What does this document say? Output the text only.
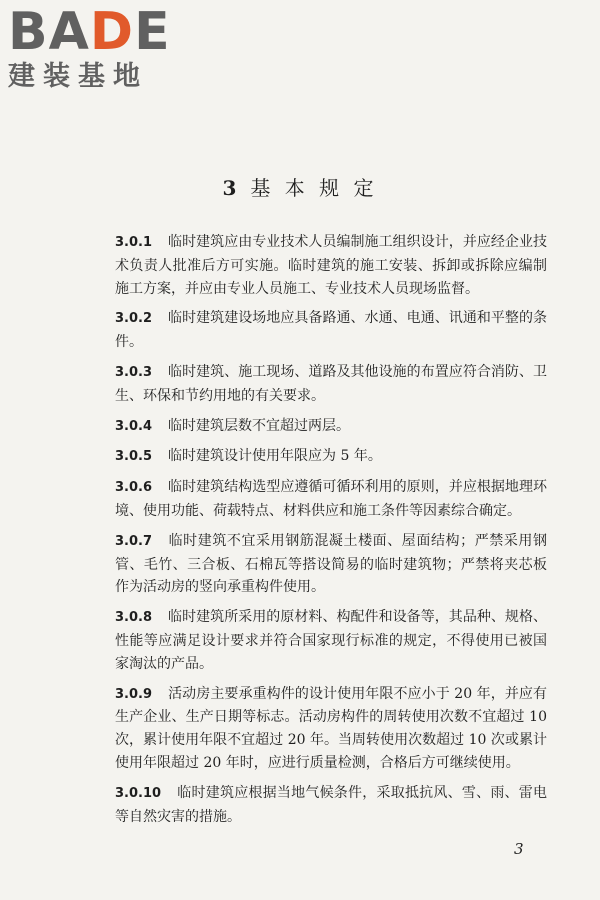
BADE
建装基地
3 基 本 规 定

3.0.1 临时建筑应由专业技术人员编制施工组织设计，并应经企业技术负责人批准后方可实施。临时建筑的施工安装、拆卸或拆除应编制施工方案，并应由专业人员施工、专业技术人员现场监督。

3.0.2 临时建筑建设场地应具备路通、水通、电通、讯通和平整的条件。

3.0.3 临时建筑、施工现场、道路及其他设施的布置应符合消防、卫生、环保和节约用地的有关要求。

3.0.4 临时建筑层数不宜超过两层。

3.0.5 临时建筑设计使用年限应为 5 年。

3.0.6 临时建筑结构选型应遵循可循环利用的原则，并应根据地理环境、使用功能、荷载特点、材料供应和施工条件等因素综合确定。

3.0.7 临时建筑不宜采用钢筋混凝土楼面、屋面结构；严禁采用钢管、毛竹、三合板、石棉瓦等搭设简易的临时建筑物；严禁将夹芯板作为活动房的竖向承重构件使用。

3.0.8 临时建筑所采用的原材料、构配件和设备等，其品种、规格、性能等应满足设计要求并符合国家现行标准的规定，不得使用已被国家淘汰的产品。

3.0.9 活动房主要承重构件的设计使用年限不应小于 20 年，并应有生产企业、生产日期等标志。活动房构件的周转使用次数不宜超过 10 次，累计使用年限不宜超过 20 年。当周转使用次数超过 10 次或累计使用年限超过 20 年时，应进行质量检测，合格后方可继续使用。

3.0.10 临时建筑应根据当地气候条件，采取抵抗风、雪、雨、雷电等自然灾害的措施。

3
